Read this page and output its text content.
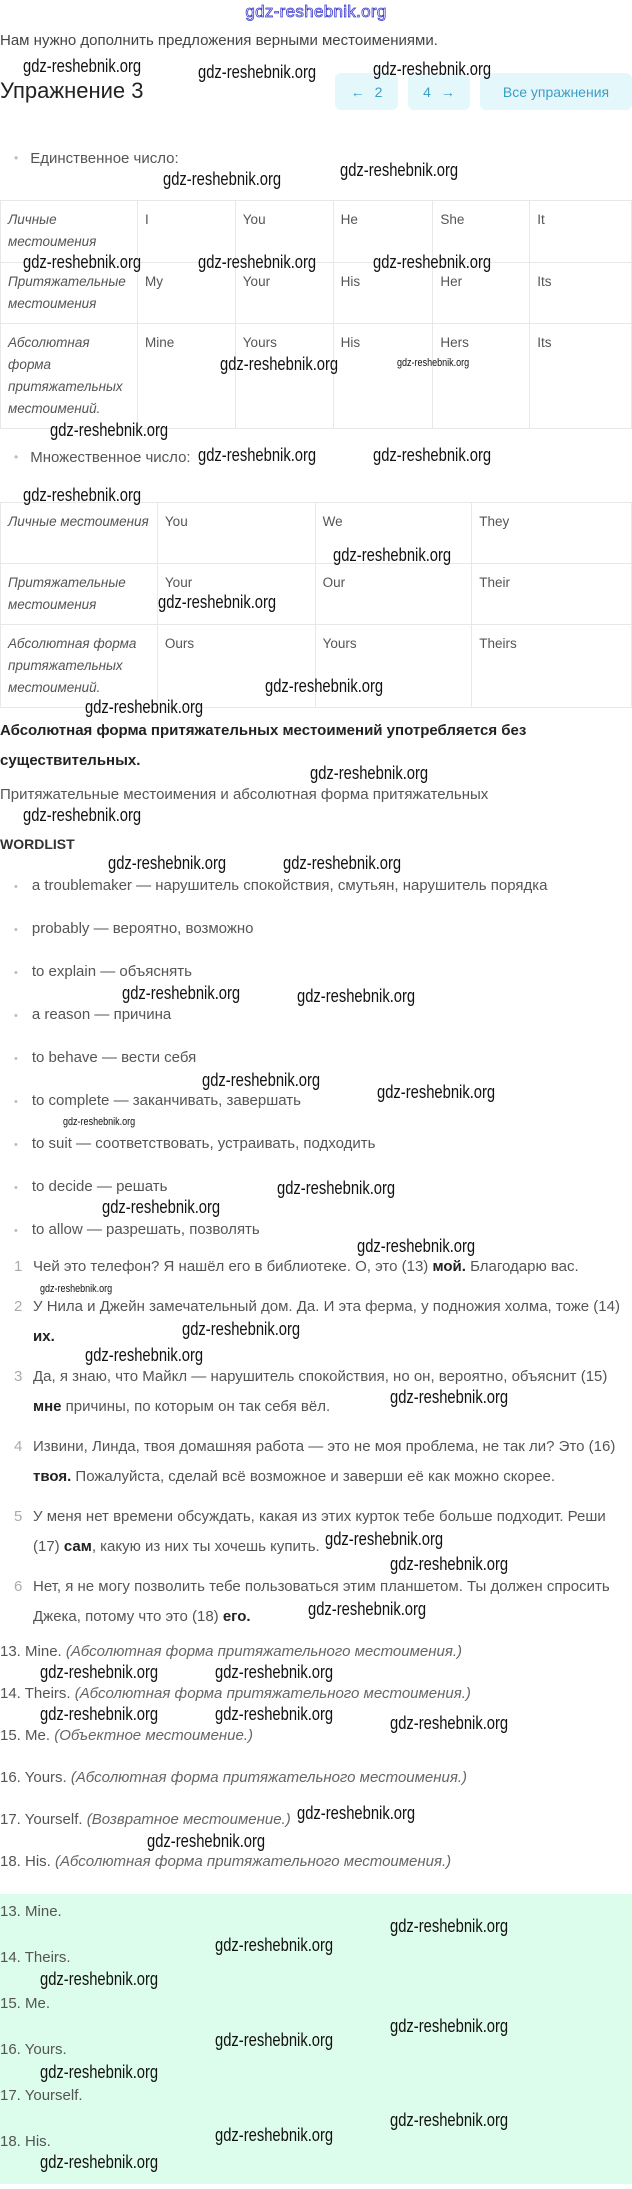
gdz-reshebnik.org
Нам нужно дополнить предложения верными местоимениями.
Упражнение 3	← 2	4 →	Все упражнения
• Единственное число:
Личные местоимения	I	You	He	She	It
Притяжательные местоимения	My	Your	His	Her	Its
Абсолютная форма притяжательных местоимений.	Mine	Yours	His	Hers	Its
• Множественное число:
Личные местоимения	You	We	They
Притяжательные местоимения	Your	Our	Their
Абсолютная форма притяжательных местоимений.	Ours	Yours	Theirs
Абсолютная форма притяжательных местоимений употребляется без существительных.
Притяжательные местоимения и абсолютная форма притяжательных
WORDLIST
• a troublemaker — нарушитель спокойствия, смутьян, нарушитель порядка
• probably — вероятно, возможно
• to explain — объяснять
• a reason — причина
• to behave — вести себя
• to complete — заканчивать, завершать
• to suit — соответствовать, устраивать, подходить
• to decide — решать
• to allow — разрешать, позволять
1 Чей это телефон? Я нашёл его в библиотеке. О, это (13) мой. Благодарю вас.
2 У Нила и Джейн замечательный дом. Да. И эта ферма, у подножия холма, тоже (14) их.
3 Да, я знаю, что Майкл — нарушитель спокойствия, но он, вероятно, объяснит (15) мне причины, по которым он так себя вёл.
4 Извини, Линда, твоя домашняя работа — это не моя проблема, не так ли? Это (16) твоя. Пожалуйста, сделай всё возможное и заверши её как можно скорее.
5 У меня нет времени обсуждать, какая из этих курток тебе больше подходит. Реши (17) сам, какую из них ты хочешь купить.
6 Нет, я не могу позволить тебе пользоваться этим планшетом. Ты должен спросить Джека, потому что это (18) его.
13. Mine. (Абсолютная форма притяжательного местоимения.)
14. Theirs. (Абсолютная форма притяжательного местоимения.)
15. Me. (Объектное местоимение.)
16. Yours. (Абсолютная форма притяжательного местоимения.)
17. Yourself. (Возвратное местоимение.)
18. His. (Абсолютная форма притяжательного местоимения.)
13. Mine.
14. Theirs.
15. Me.
16. Yours.
17. Yourself.
18. His.
gdz-reshebnik.org	gdz-reshebnik.org	gdz-reshebnik.org
gdz-reshebnik.org	gdz-reshebnik.org
gdz-reshebnik.org	gdz-reshebnik.org	gdz-reshebnik.org
gdz-reshebnik.org
gdz-reshebnik.org	gdz-reshebnik.org
gdz-reshebnik.org	gdz-reshebnik.org
gdz-reshebnik.org
gdz-reshebnik.org
gdz-reshebnik.org
gdz-reshebnik.org
gdz-reshebnik.org
gdz-reshebnik.org
gdz-reshebnik.org
gdz-reshebnik.org	gdz-reshebnik.org
gdz-reshebnik.org	gdz-reshebnik.org
gdz-reshebnik.org
gdz-reshebnik.org
gdz-reshebnik.org
gdz-reshebnik.org
gdz-reshebnik.org
gdz-reshebnik.org
gdz-reshebnik.org
gdz-reshebnik.org
gdz-reshebnik.org
gdz-reshebnik.org
gdz-reshebnik.org
gdz-reshebnik.org
gdz-reshebnik.org	gdz-reshebnik.org
gdz-reshebnik.org
gdz-reshebnik.org	gdz-reshebnik.org	gdz-reshebnik.org
gdz-reshebnik.org
gdz-reshebnik.org
gdz-reshebnik.org
gdz-reshebnik.org
gdz-reshebnik.org
gdz-reshebnik.org
gdz-reshebnik.org
gdz-reshebnik.org
gdz-reshebnik.org
gdz-reshebnik.org
gdz-reshebnik.org
